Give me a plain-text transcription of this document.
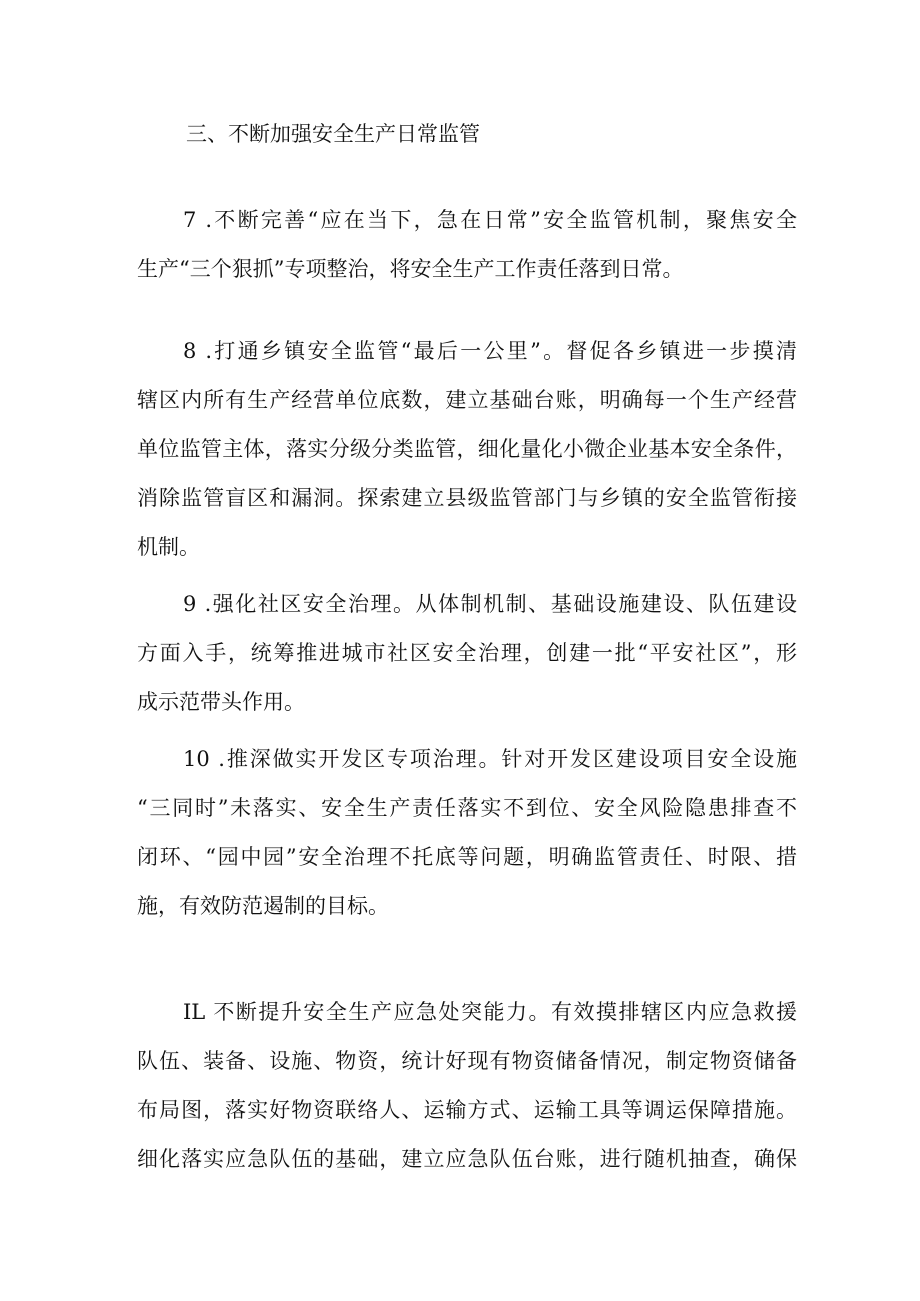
三、不断加强安全生产日常监管
7 .不断完善“应在当下，急在日常”安全监管机制，聚焦安全
生产“三个狠抓”专项整治，将安全生产工作责任落到日常。
8 .打通乡镇安全监管“最后一公里”。督促各乡镇进一步摸清
辖区内所有生产经营单位底数，建立基础台账，明确每一个生产经营
单位监管主体，落实分级分类监管，细化量化小微企业基本安全条件，
消除监管盲区和漏洞。探索建立县级监管部门与乡镇的安全监管衔接
机制。
9 .强化社区安全治理。从体制机制、基础设施建设、队伍建设
方面入手，统筹推进城市社区安全治理，创建一批“平安社区”，形
成示范带头作用。
10 .推深做实开发区专项治理。针对开发区建设项目安全设施
“三同时”未落实、安全生产责任落实不到位、安全风险隐患排查不
闭环、“园中园”安全治理不托底等问题，明确监管责任、时限、措
施，有效防范遏制的目标。
IL 不断提升安全生产应急处突能力。有效摸排辖区内应急救援
队伍、装备、设施、物资，统计好现有物资储备情况，制定物资储备
布局图，落实好物资联络人、运输方式、运输工具等调运保障措施。
细化落实应急队伍的基础，建立应急队伍台账，进行随机抽查，确保
